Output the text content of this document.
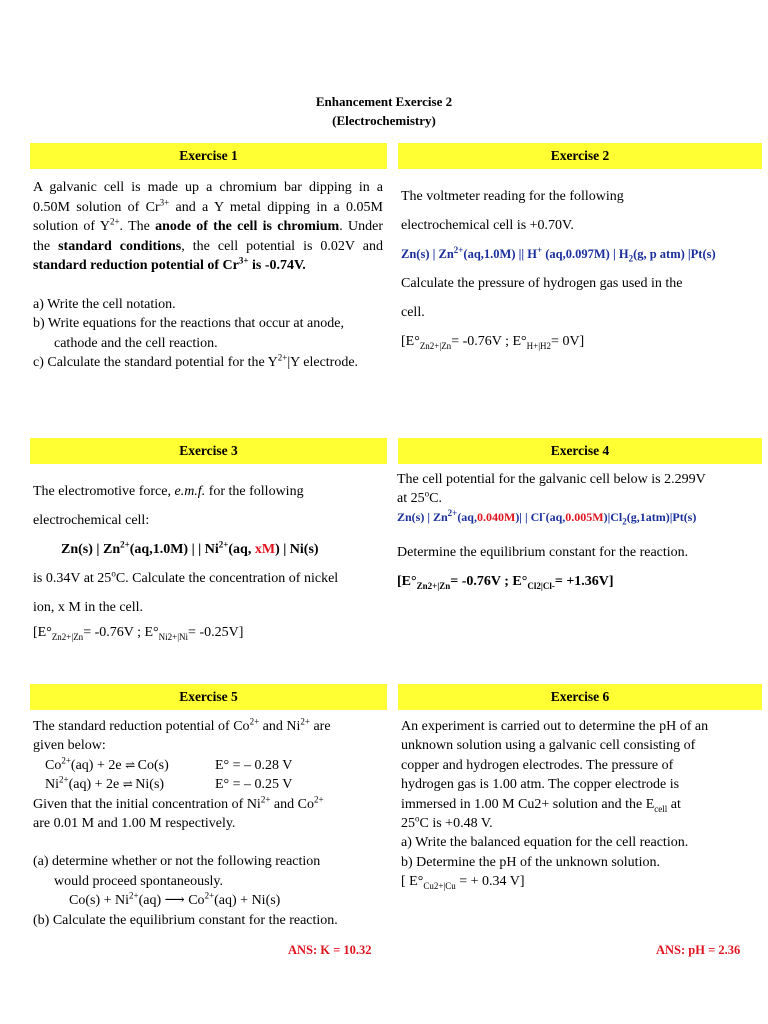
Enhancement Exercise 2
(Electrochemistry)
Exercise 1

A galvanic cell is made up a chromium bar dipping in a 0.50M solution of $Cr^{3+}$ and a Y metal dipping in a 0.05M solution of $Y^{2+}$. The anode of the cell is chromium. Under the standard conditions, the cell potential is 0.02V and standard reduction potential of $Cr^{3+}$ is -0.74V.

a) Write the cell notation.

b) Write equations for the reactions that occur at anode, cathode and the cell reaction.

c) Calculate the standard potential for the $Y^{2+}|Y$ electrode.

Exercise 2

The voltmeter reading for the following

electrochemical cell is +0.70V.

Zn(s) | $Zn^{2+}(aq,1.0M)$ || H+ (aq,0.097M) | $H_2(g$, p atm) |Pt(s)

Calculate the pressure of hydrogen gas used in the

cell.

[$E^\circ_{Zn2+|Zn}= -0.76V$ ; $E^\circ_{H+|H2}= 0V$]

Exercise 3

The electromotive force, e.m.f. for the following

electrochemical cell:

Zn(s) | $Zn^{2+}(aq,1.0M)$ | | $Ni^{2+}(aq$, xM) | Ni(s)

is 0.34V at 25$^o$C. Calculate the concentration of nickel

ion, x M in the cell.

[$E^\circ_{Zn2+|Zn}= -0.76V$ ; $E^\circ_{Ni2+|Ni}= -0.25V$]

Exercise 4

The cell potential for the galvanic cell below is 2.299V

at 25$^o$C.

Zn(s) | $Zn^{2+}(aq,0.040M)|$ | $Cl^-(aq,0.005M)|Cl_2(g,1atm)|Pt(s)$

Determine the equilibrium constant for the reaction.

[$E^\circ_{Zn2+|Zn}= -0.76V$ ; $E^\circ_{Cl2|Cl-}= +1.36V$]

Exercise 5

The standard reduction potential of $Co^{2+}$ and $Ni^{2+}$ are

given below:

$Co^{2+}(aq) + 2e$ ⇌ Co(s)	E° = – 0.28 V

$Ni^{2+}(aq) + 2e$ ⇌ Ni(s)	E° = – 0.25 V

Given that the initial concentration of $Ni^{2+}$ and $Co^{2+}$

are 0.01 M and 1.00 M respectively.

(a) determine whether or not the following reaction

would proceed spontaneously.

$Co(s) + Ni^{2+}(aq)$ ⟶ $Co^{2+}(aq) + Ni(s)$

(b) Calculate the equilibrium constant for the reaction.

ANS: K = 10.32
Exercise 6

An experiment is carried out to determine the pH of an

unknown solution using a galvanic cell consisting of

copper and hydrogen electrodes. The pressure of

hydrogen gas is 1.00 atm. The copper electrode is

immersed in 1.00 M Cu2+ solution and the $E_{cell}$ at

25$^o$C is +0.48 V.

a) Write the balanced equation for the cell reaction.

b) Determine the pH of the unknown solution.

[ $E^\circ_{Cu2+|Cu}$ = + 0.34 V]

ANS: pH = 2.36
